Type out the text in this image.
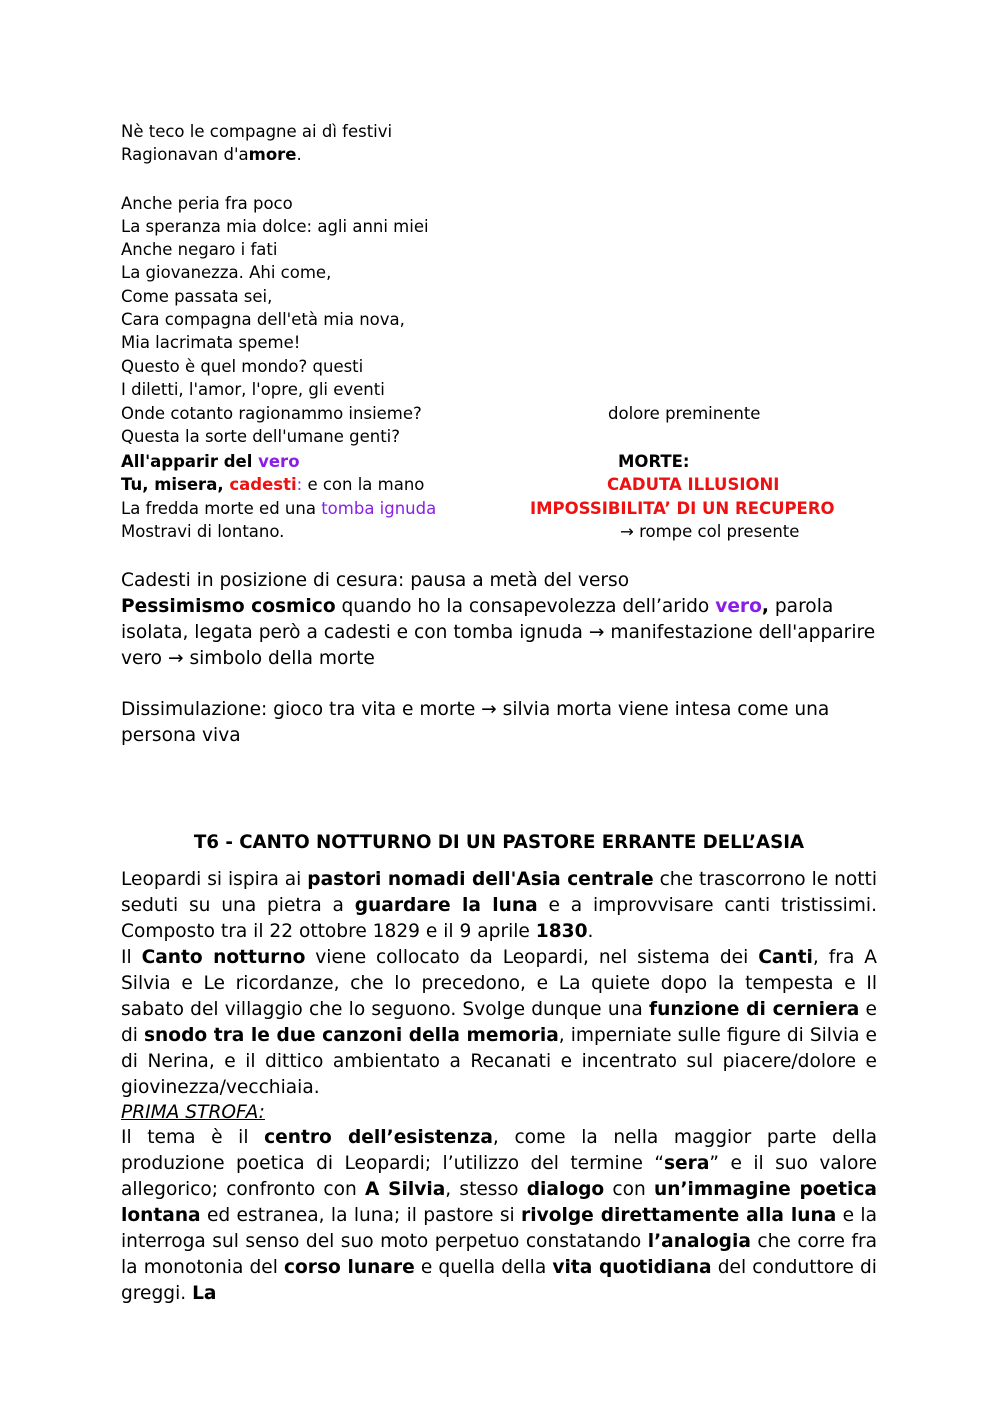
Nè teco le compagne ai dì festivi
Ragionavan d'amore.
Anche peria fra poco
La speranza mia dolce: agli anni miei
Anche negaro i fati
La giovanezza. Ahi come,
Come passata sei,
Cara compagna dell'età mia nova,
Mia lacrimata speme!
Questo è quel mondo? questi
I diletti, l'amor, l'opre, gli eventi
Onde cotanto ragionammo insieme?
Questa la sorte dell'umane genti?
All'apparir del vero
Tu, misera, cadesti: e con la mano
La fredda morte ed una tomba ignuda
Mostravi di lontano.
dolore preminente
MORTE:
CADUTA ILLUSIONI
IMPOSSIBILITA’ DI UN RECUPERO
→ rompe col presente
Cadesti in posizione di cesura: pausa a metà del verso
Pessimismo cosmico quando ho la consapevolezza dell’arido vero, parola isolata, legata però a cadesti e con tomba ignuda → manifestazione dell'apparire vero → simbolo della morte
Dissimulazione: gioco tra vita e morte → silvia morta viene intesa come una persona viva
T6 - CANTO NOTTURNO DI UN PASTORE ERRANTE DELL’ASIA
Leopardi si ispira ai pastori nomadi dell'Asia centrale che trascorrono le notti seduti su una pietra a guardare la luna e a improvvisare canti tristissimi. Composto tra il 22 ottobre 1829 e il 9 aprile 1830.
Il Canto notturno viene collocato da Leopardi, nel sistema dei Canti, fra A Silvia e Le ricordanze, che lo precedono, e La quiete dopo la tempesta e Il sabato del villaggio che lo seguono. Svolge dunque una funzione di cerniera e di snodo tra le due canzoni della memoria, imperniate sulle figure di Silvia e di Nerina, e il dittico ambientato a Recanati e incentrato sul piacere/dolore e giovinezza/vecchiaia.
PRIMA STROFA:
Il tema è il centro dell’esistenza, come la nella maggior parte della produzione poetica di Leopardi; l’utilizzo del termine “sera” e il suo valore allegorico; confronto con A Silvia, stesso dialogo con un’immagine poetica lontana ed estranea, la luna; il pastore si rivolge direttamente alla luna e la interroga sul senso del suo moto perpetuo constatando l’analogia che corre fra la monotonia del corso lunare e quella della vita quotidiana del conduttore di greggi. La
